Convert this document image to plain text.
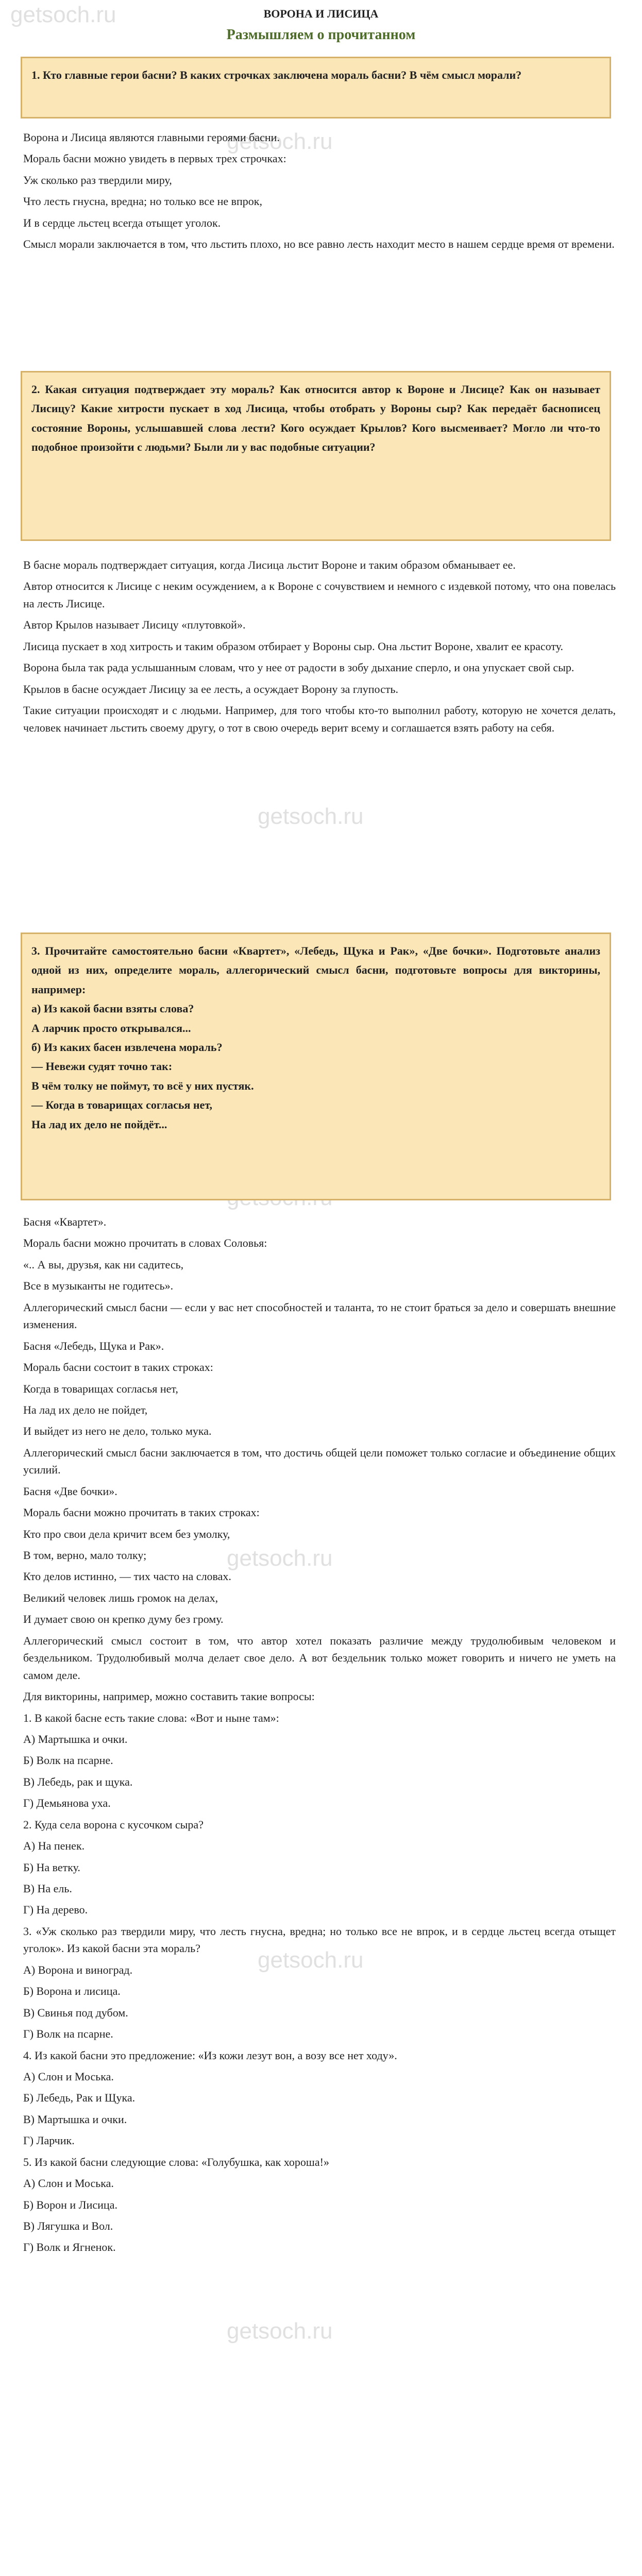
getsoch.ru
getsoch.ru
getsoch.ru
getsoch.ru
getsoch.ru
getsoch.ru
ВОРОНА И ЛИСИЦА
Размышляем о прочитанном

1. Кто главные герои басни? В каких строчках заключена мораль басни? В чём смысл морали?

Ворона и Лисица являются главными героями басни.

Мораль басни можно увидеть в первых трех строчках:

Уж сколько раз твердили миру,

Что лесть гнусна, вредна; но только все не впрок,

И в сердце льстец всегда отыщет уголок.

Смысл морали заключается в том, что льстить плохо, но все равно лесть находит место в нашем сердце время от времени.

2. Какая ситуация подтверждает эту мораль? Как относится автор к Вороне и Лисице? Как он называет Лисицу? Какие хитрости пускает в ход Лисица, чтобы отобрать у Вороны сыр? Как передаёт баснописец состояние Вороны, услышавшей слова лести? Кого осуждает Крылов? Кого высмеивает? Могло ли что-то подобное произойти с людьми? Были ли у вас подобные ситуации?

В басне мораль подтверждает ситуация, когда Лисица льстит Вороне и таким образом обманывает ее.

Автор относится к Лисице с неким осуждением, а к Вороне с сочувствием и немного с издевкой потому, что она повелась на лесть Лисице.

Автор Крылов называет Лисицу «плутовкой».

Лисица пускает в ход хитрость и таким образом отбирает у Вороны сыр. Она льстит Вороне, хвалит ее красоту.

Ворона была так рада услышанным словам, что у нее от радости в зобу дыхание сперло, и она упускает свой сыр.

Крылов в басне осуждает Лисицу за ее лесть, а осуждает Ворону за глупость.

Такие ситуации происходят и с людьми. Например, для того чтобы кто-то выполнил работу, которую не хочется делать, человек начинает льстить своему другу, о тот в свою очередь верит всему и соглашается взять работу на себя.

3. Прочитайте самостоятельно басни «Квартет», «Лебедь, Щука и Рак», «Две бочки». Подготовьте анализ одной из них, определите мораль, аллегорический смысл басни, подготовьте вопросы для викторины, например:

а) Из какой басни взяты слова?

А ларчик просто открывался...

б) Из каких басен извлечена мораль?

— Невежи судят точно так:

В чём толку не поймут, то всё у них пустяк.

— Когда в товарищах согласья нет,

На лад их дело не пойдёт...

Басня «Квартет».

Мораль басни можно прочитать в словах Соловья:

«.. А вы, друзья, как ни садитесь,

Все в музыканты не годитесь».

Аллегорический смысл басни — если у вас нет способностей и таланта, то не стоит браться за дело и совершать внешние изменения.

Басня «Лебедь, Щука и Рак».

Мораль басни состоит в таких строках:

Когда в товарищах согласья нет,

На лад их дело не пойдет,

И выйдет из него не дело, только мука.

Аллегорический смысл басни заключается в том, что достичь общей цели поможет только согласие и объединение общих усилий.

Басня «Две бочки».

Мораль басни можно прочитать в таких строках:

Кто про свои дела кричит всем без умолку,

В том, верно, мало толку;

Кто делов истинно, — тих часто на словах.

Великий человек лишь громок на делах,

И думает свою он крепко думу без грому.

Аллегорический смысл состоит в том, что автор хотел показать различие между трудолюбивым человеком и бездельником. Трудолюбивый молча делает свое дело. А вот бездельник только может говорить и ничего не уметь на самом деле.

Для викторины, например, можно составить такие вопросы:

1. В какой басне есть такие слова: «Вот и ныне там»:

А) Мартышка и очки.

Б) Волк на псарне.

В) Лебедь, рак и щука.

Г) Демьянова уха.

2. Куда села ворона с кусочком сыра?

А) На пенек.

Б) На ветку.

В) На ель.

Г) На дерево.

3. «Уж сколько раз твердили миру, что лесть гнусна, вредна; но только все не впрок, и в сердце льстец всегда отыщет уголок». Из какой басни эта мораль?

А) Ворона и виноград.

Б) Ворона и лисица.

В) Свинья под дубом.

Г) Волк на псарне.

4. Из какой басни это предложение: «Из кожи лезут вон, а возу все нет ходу».

А) Слон и Моська.

Б) Лебедь, Рак и Щука.

В) Мартышка и очки.

Г) Ларчик.

5. Из какой басни следующие слова: «Голубушка, как хороша!»

А) Слон и Моська.

Б) Ворон и Лисица.

В) Лягушка и Вол.

Г) Волк и Ягненок.
